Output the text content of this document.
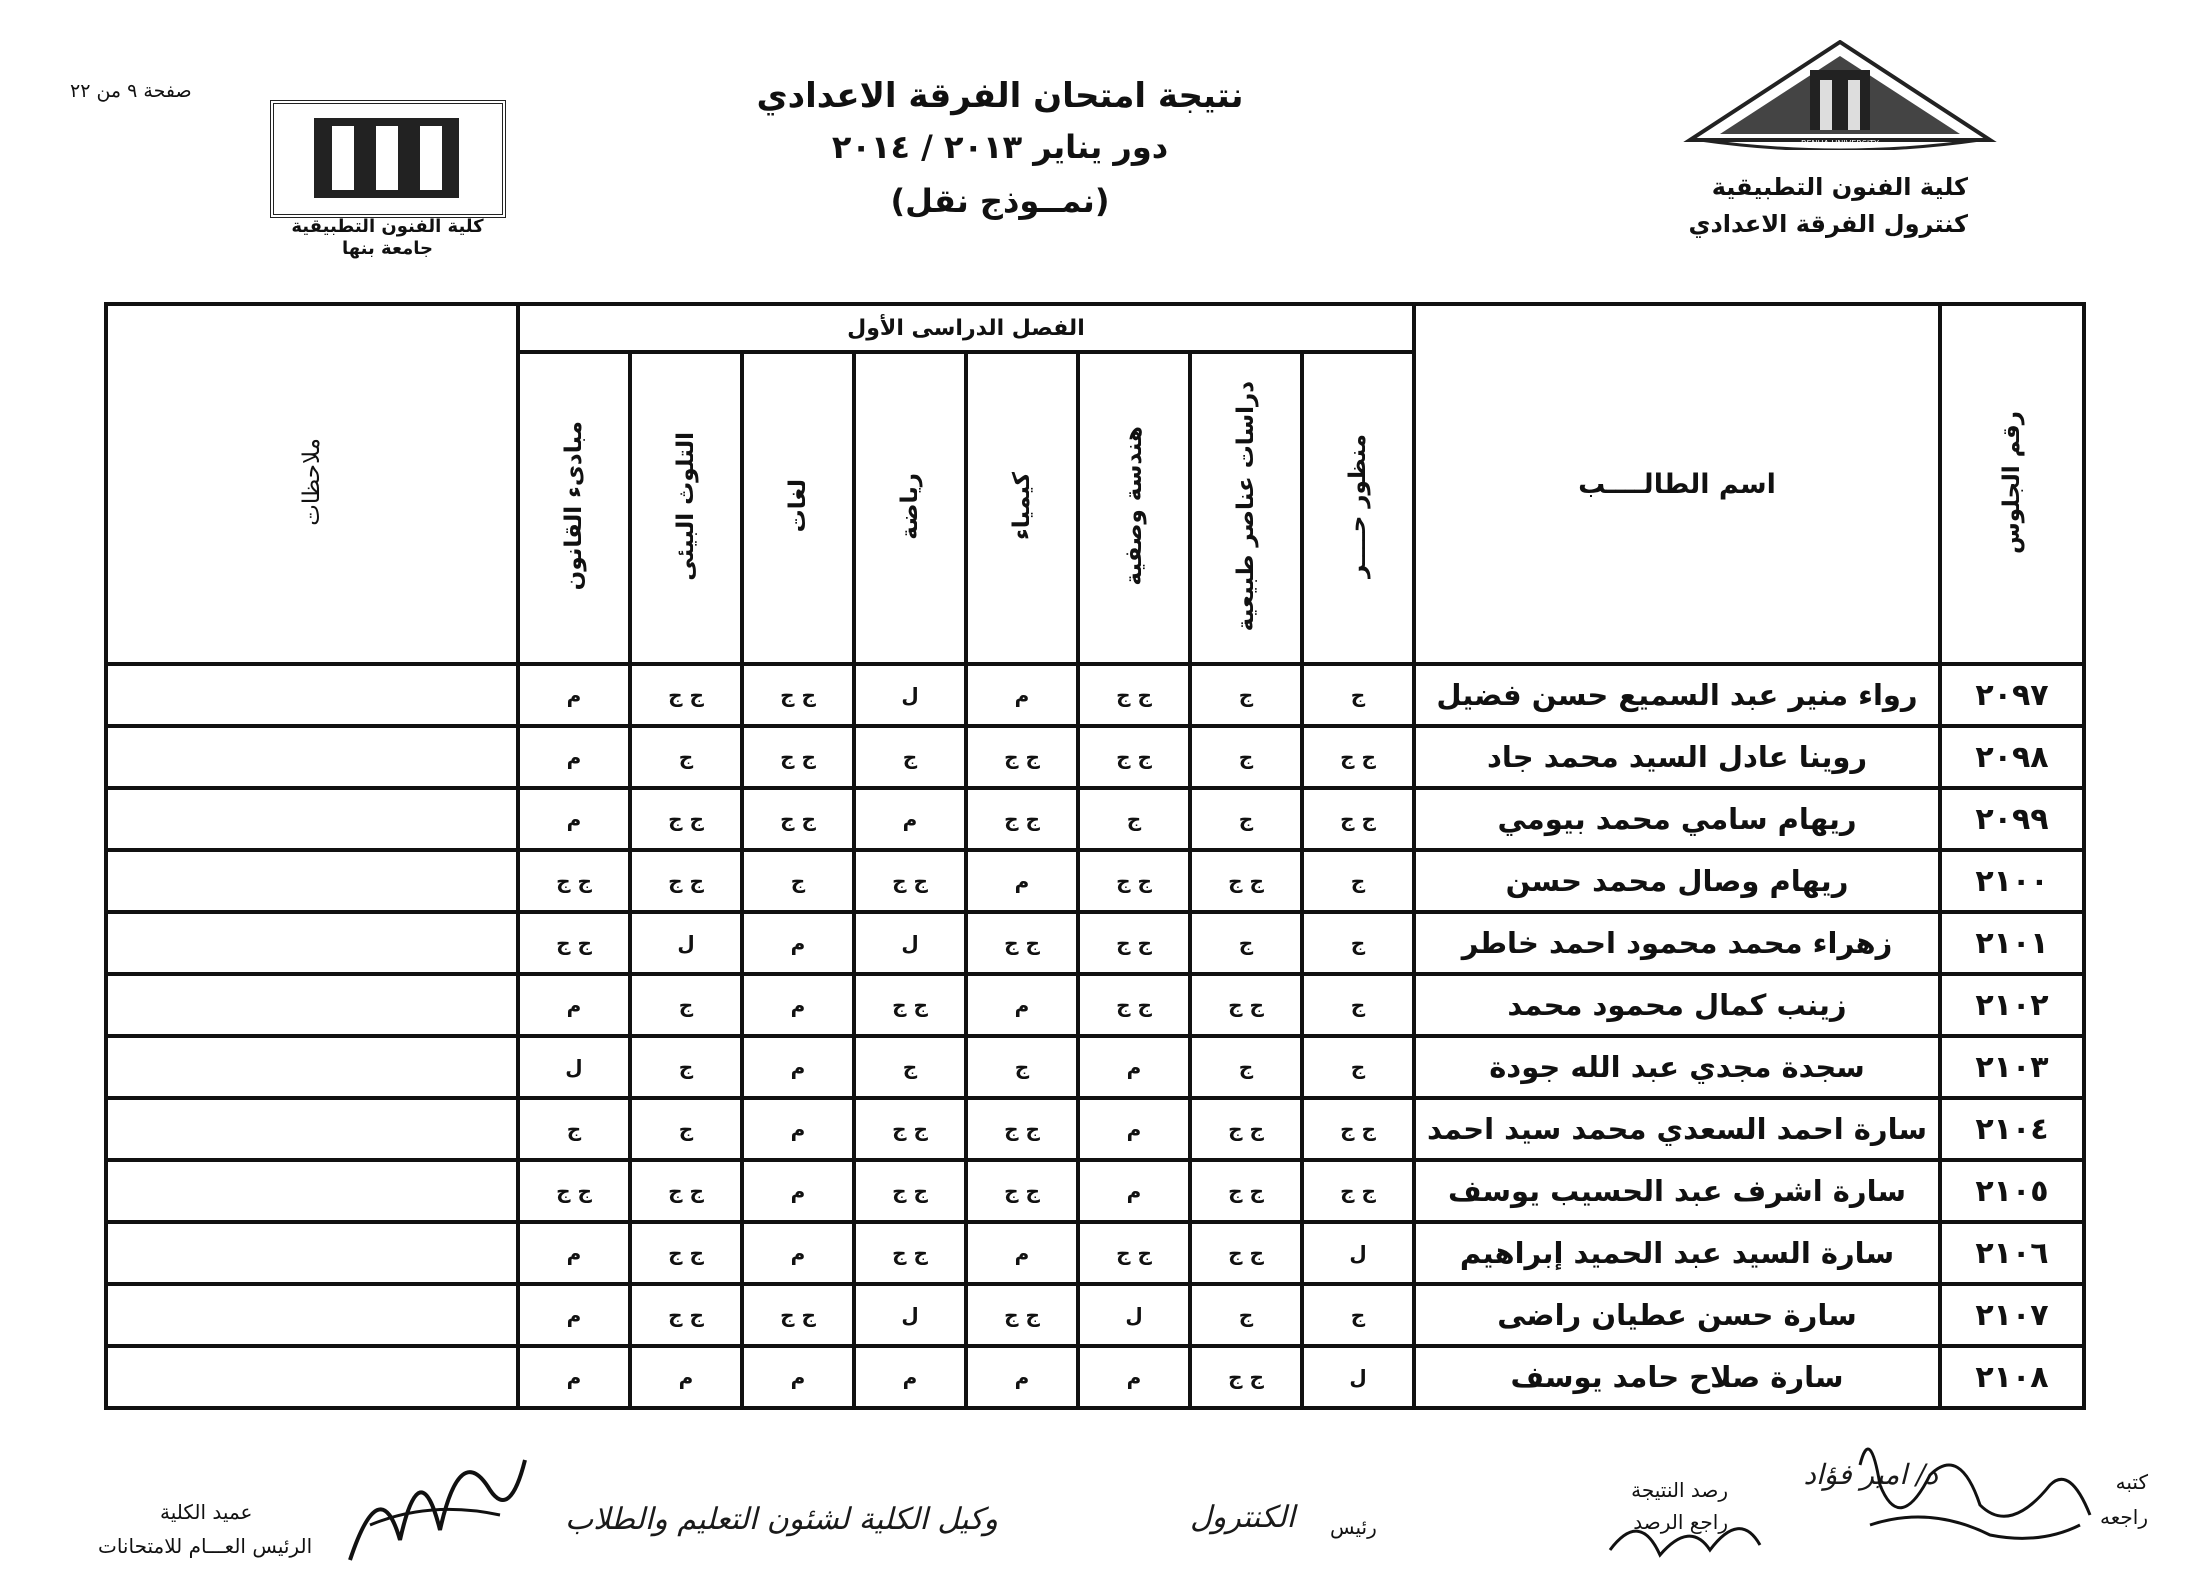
صفحة ٩ من ٢٢	نتيجة امتحان الفرقة الاعدادي
دور يناير ٢٠١٣ / ٢٠١٤
(نمــوذج نقل)	كلية الفنون التطبيقية
كنترول الفرقة الاعدادي
BENHA UNIVERSITY
كلية الفنون التطبيقية
جامعة بنها
رقم الجلوس	اسم الطالــــب	الفصل الدراسى الأول								ملاحظات
		منظور حــــر	دراسات عناصر طبيعية	هندسة وصفية	كيمياء	رياضة	لغات	التلوث البيئى	مبادىء القانون	
٢٠٩٧	رواء منير عبد السميع حسن فضيل	ج	ج	ج ج	م	ل	ج ج	ج ج	م	
٢٠٩٨	روينا عادل السيد محمد جاد	ج ج	ج	ج ج	ج ج	ج	ج ج	ج	م	
٢٠٩٩	ريهام سامي محمد بيومي	ج ج	ج	ج	ج ج	م	ج ج	ج ج	م	
٢١٠٠	ريهام وصال محمد حسن	ج	ج ج	ج ج	م	ج ج	ج	ج ج	ج ج	
٢١٠١	زهراء محمد محمود احمد خاطر	ج	ج	ج ج	ج ج	ل	م	ل	ج ج	
٢١٠٢	زينب كمال محمود محمد	ج	ج ج	ج ج	م	ج ج	م	ج	م	
٢١٠٣	سجدة مجدي عبد الله جودة	ج	ج	م	ج	ج	م	ج	ل	
٢١٠٤	سارة احمد السعدي محمد سيد احمد	ج ج	ج ج	م	ج ج	ج ج	م	ج	ج	
٢١٠٥	سارة اشرف عبد الحسيب يوسف	ج ج	ج ج	م	ج ج	ج ج	م	ج ج	ج ج	
٢١٠٦	سارة السيد عبد الحميد إبراهيم	ل	ج ج	ج ج	م	ج ج	م	ج ج	م	
٢١٠٧	سارة حسن عطيان راضى	ج	ج	ل	ج ج	ل	ج ج	ج ج	م	
٢١٠٨	سارة صلاح حامد يوسف	ل	ج ج	م	م	م	م	م	م	
كتبه
راجعه
رصد النتيجة
راجع الرصد
د/ امير فؤاد
رئيس
الكنترول
وكيل الكلية لشئون التعليم والطلاب
عميد الكلية
الرئيس العـــام للامتحانات
